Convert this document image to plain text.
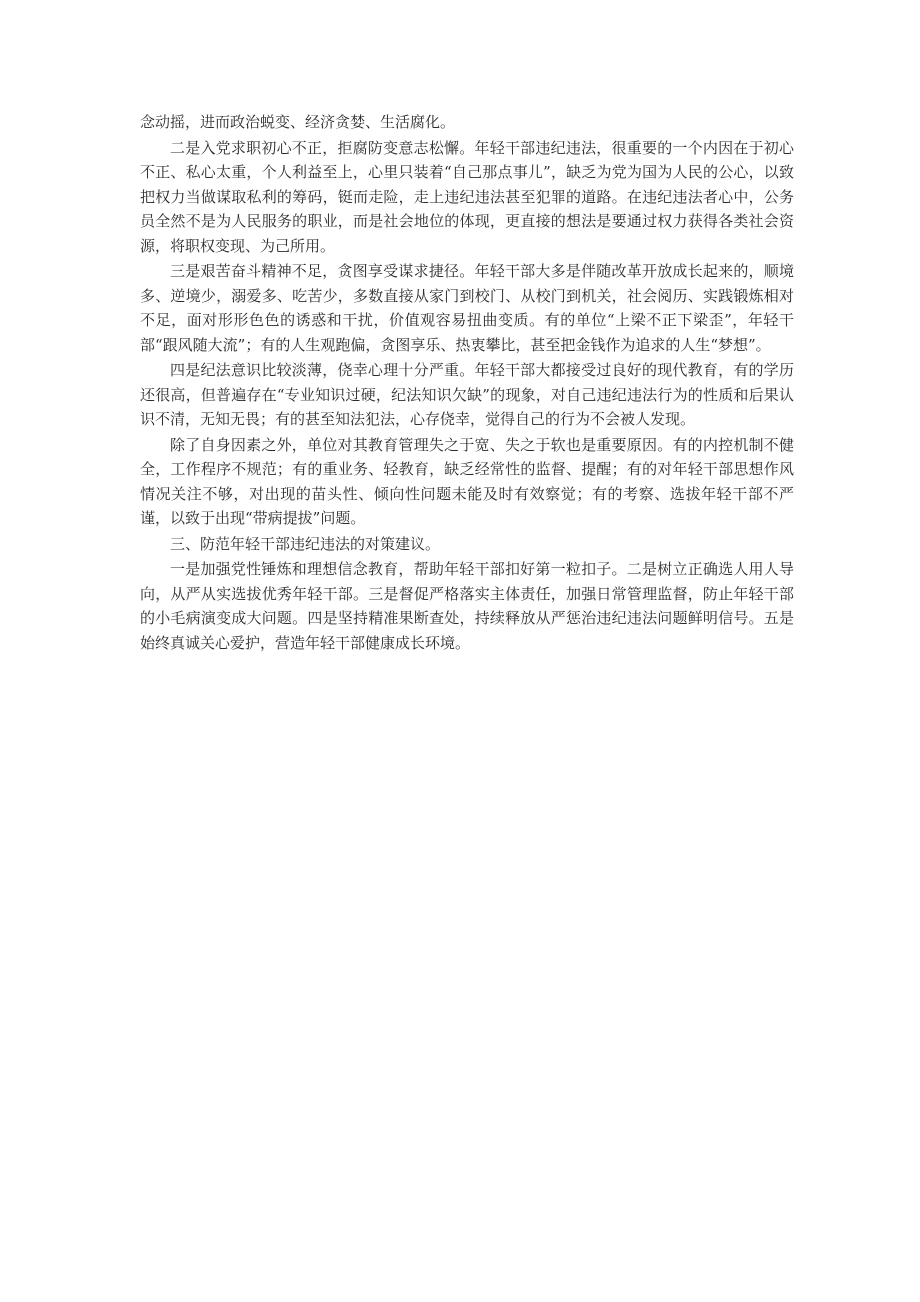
念动摇，进而政治蜕变、经济贪婪、生活腐化。

二是入党求职初心不正，拒腐防变意志松懈。年轻干部违纪违法，很重要的一个内因在于初心不正、私心太重，个人利益至上，心里只装着“自己那点事儿”，缺乏为党为国为人民的公心，以致把权力当做谋取私利的筹码，铤而走险，走上违纪违法甚至犯罪的道路。在违纪违法者心中，公务员全然不是为人民服务的职业，而是社会地位的体现，更直接的想法是要通过权力获得各类社会资源，将职权变现、为己所用。

三是艰苦奋斗精神不足，贪图享受谋求捷径。年轻干部大多是伴随改革开放成长起来的，顺境多、逆境少，溺爱多、吃苦少，多数直接从家门到校门、从校门到机关，社会阅历、实践锻炼相对不足，面对形形色色的诱惑和干扰，价值观容易扭曲变质。有的单位“上梁不正下梁歪”，年轻干部“跟风随大流”；有的人生观跑偏，贪图享乐、热衷攀比，甚至把金钱作为追求的人生“梦想”。

四是纪法意识比较淡薄，侥幸心理十分严重。年轻干部大都接受过良好的现代教育，有的学历还很高，但普遍存在“专业知识过硬，纪法知识欠缺”的现象，对自己违纪违法行为的性质和后果认识不清，无知无畏；有的甚至知法犯法，心存侥幸，觉得自己的行为不会被人发现。

除了自身因素之外，单位对其教育管理失之于宽、失之于软也是重要原因。有的内控机制不健全，工作程序不规范；有的重业务、轻教育，缺乏经常性的监督、提醒；有的对年轻干部思想作风情况关注不够，对出现的苗头性、倾向性问题未能及时有效察觉；有的考察、选拔年轻干部不严谨，以致于出现“带病提拔”问题。

三、防范年轻干部违纪违法的对策建议。

一是加强党性锤炼和理想信念教育，帮助年轻干部扣好第一粒扣子。二是树立正确选人用人导向，从严从实选拔优秀年轻干部。三是督促严格落实主体责任，加强日常管理监督，防止年轻干部的小毛病演变成大问题。四是坚持精准果断查处，持续释放从严惩治违纪违法问题鲜明信号。五是始终真诚关心爱护，营造年轻干部健康成长环境。
